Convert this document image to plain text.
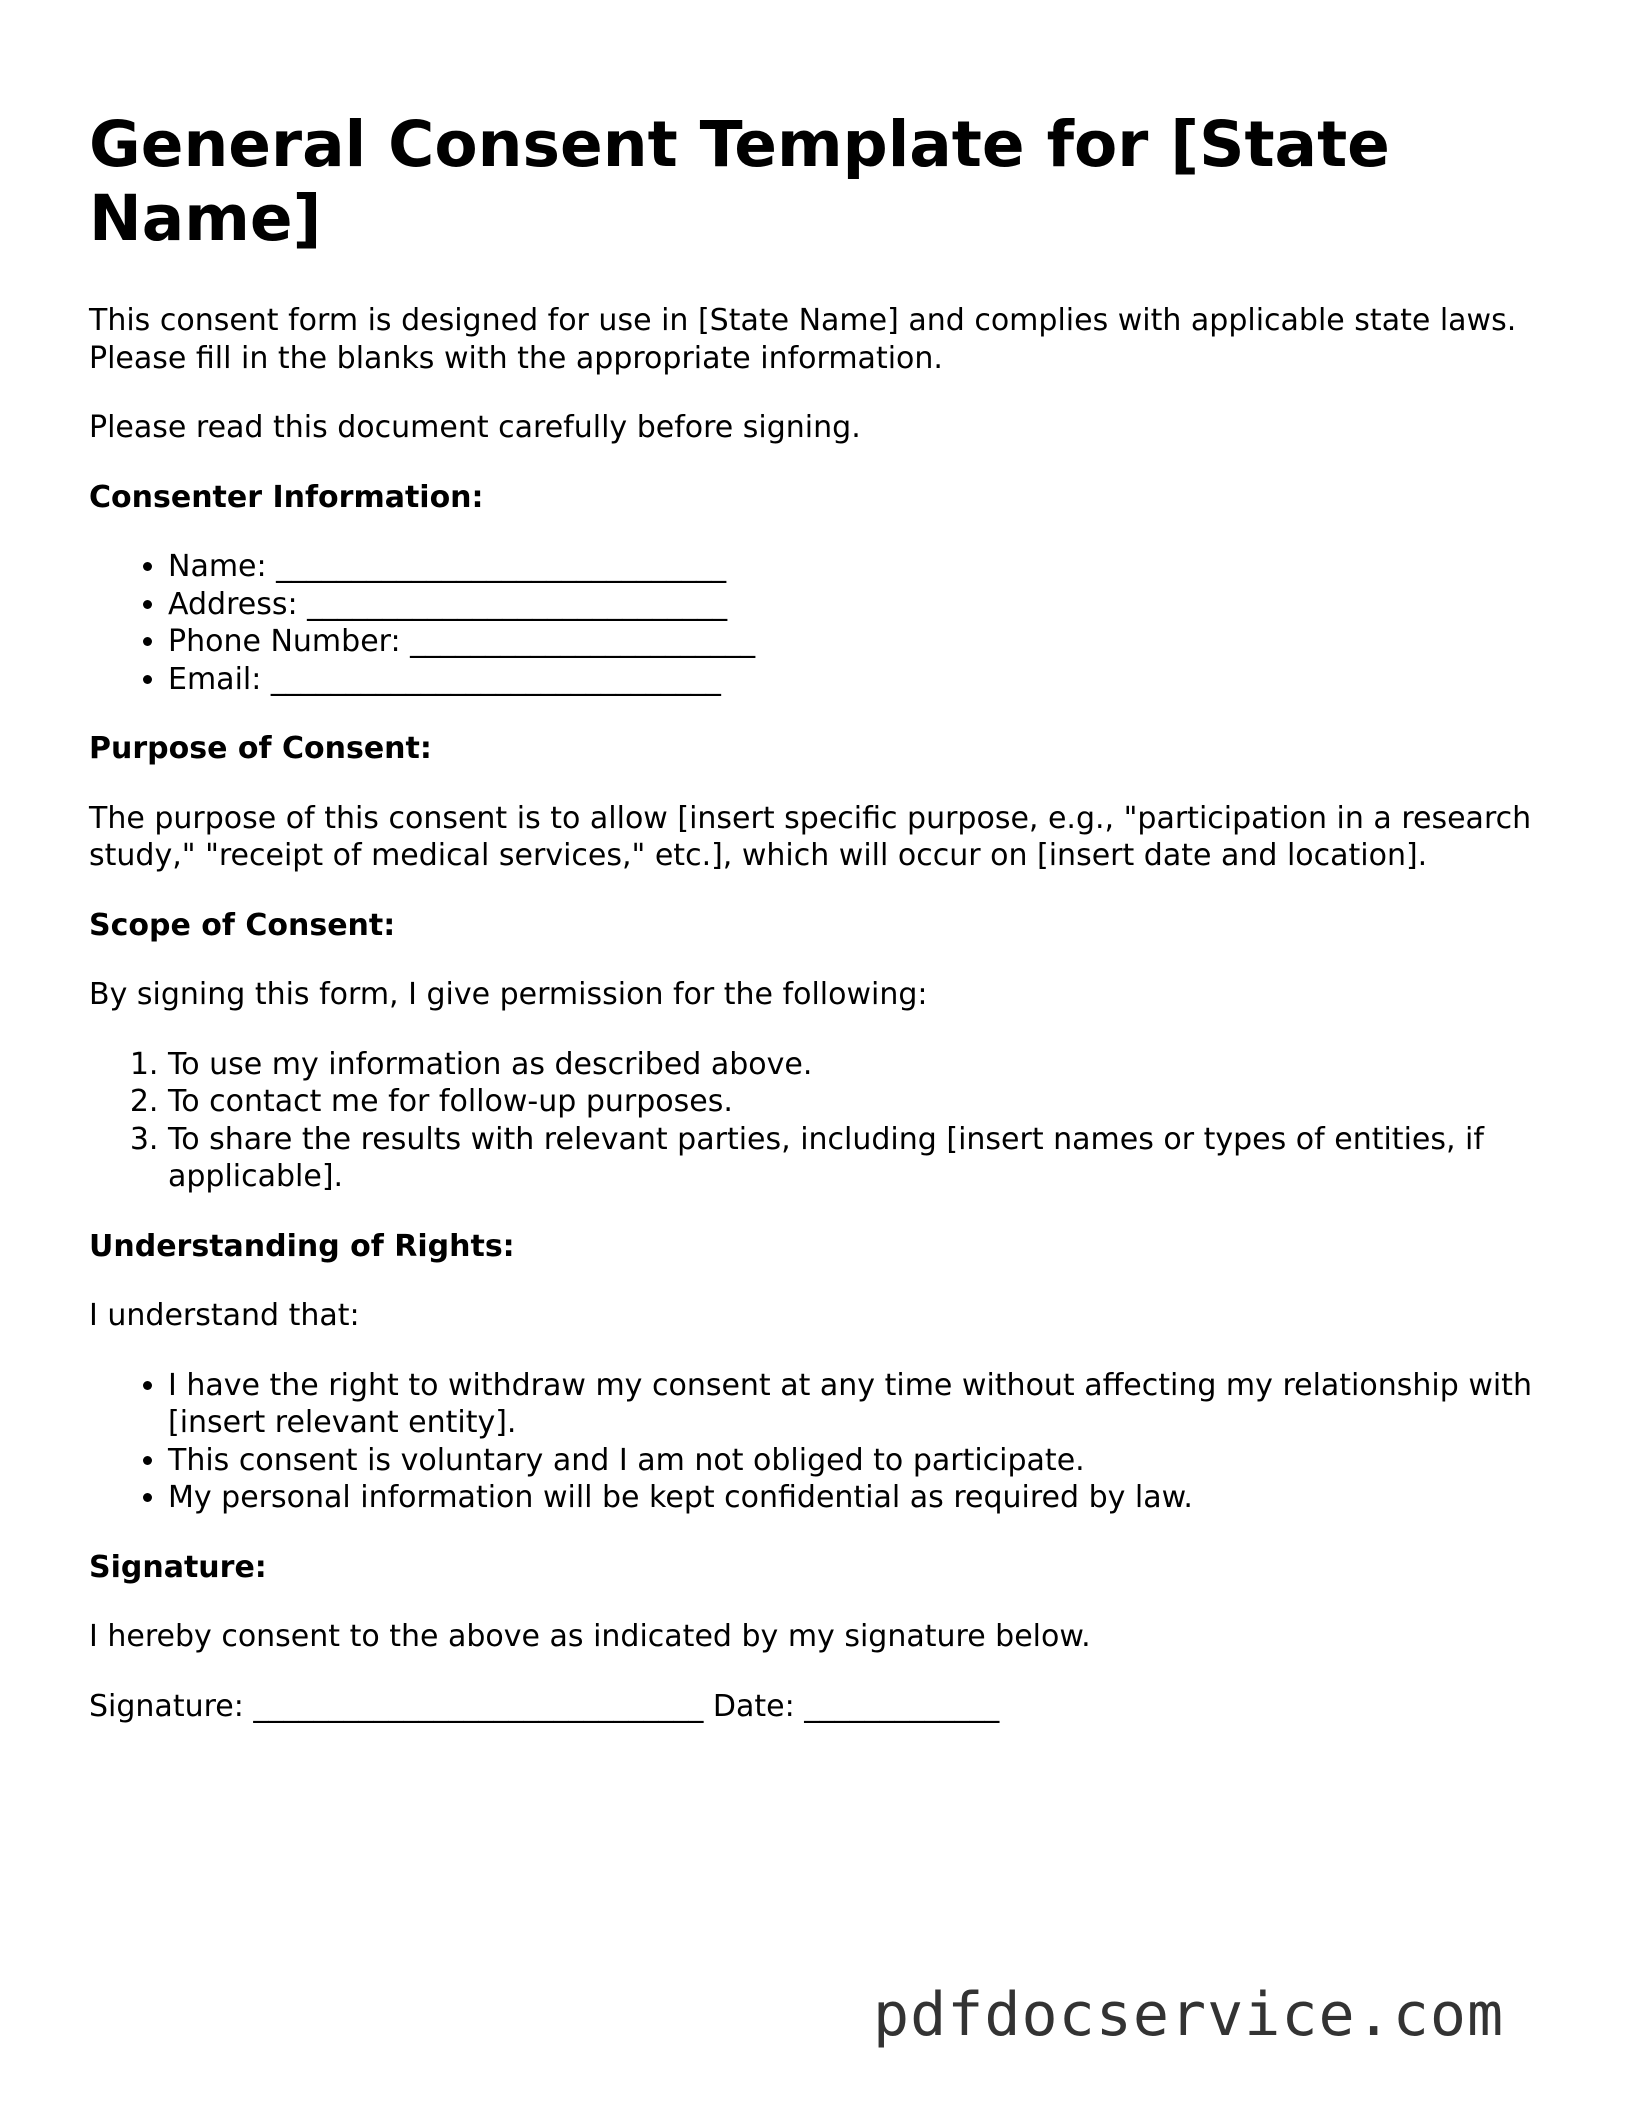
General Consent Template for [State Name]

This consent form is designed for use in [State Name] and complies with applicable state laws. Please fill in the blanks with the appropriate information.

Please read this document carefully before signing.

Consenter Information:

• Name: ______________________________
• Address: ____________________________
• Phone Number: _______________________
• Email: ______________________________

Purpose of Consent:

The purpose of this consent is to allow [insert specific purpose, e.g., "participation in a research study," "receipt of medical services," etc.], which will occur on [insert date and location].

Scope of Consent:

By signing this form, I give permission for the following:

1. To use my information as described above.
2. To contact me for follow-up purposes.
3. To share the results with relevant parties, including [insert names or types of entities, if applicable].

Understanding of Rights:

I understand that:

• I have the right to withdraw my consent at any time without affecting my relationship with [insert relevant entity].
• This consent is voluntary and I am not obliged to participate.
• My personal information will be kept confidential as required by law.

Signature:

I hereby consent to the above as indicated by my signature below.

Signature: ______________________________ Date: _____________

pdfdocservice.com
